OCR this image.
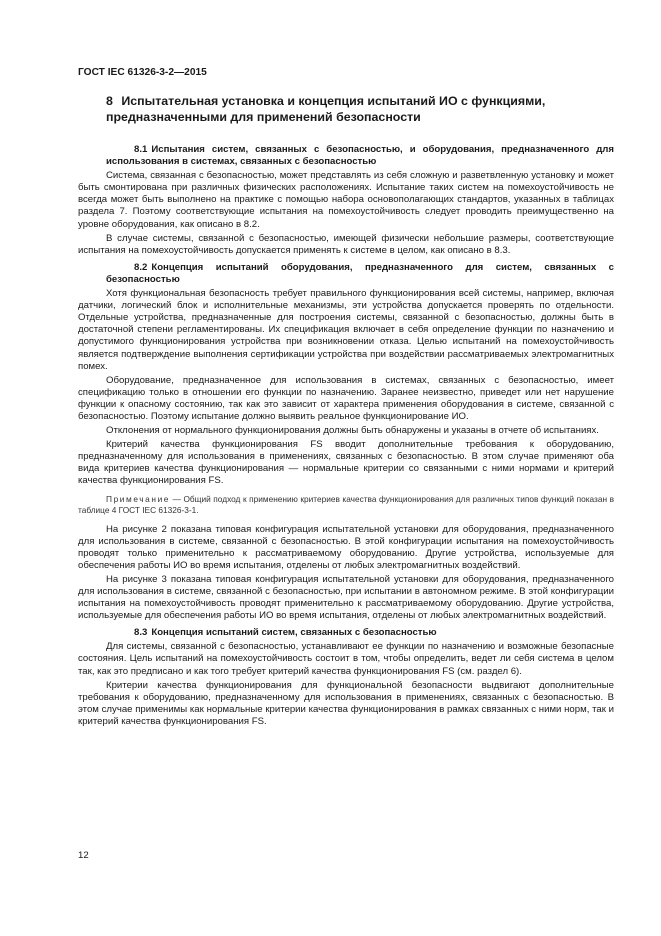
ГОСТ IEC 61326-3-2—2015
8 Испытательная установка и концепция испытаний ИО с функциями, предназначенными для применений безопасности

8.1 Испытания систем, связанных с безопасностью, и оборудования, предназначенного для использования в системах, связанных с безопасностью

Система, связанная с безопасностью, может представлять из себя сложную и разветвленную установку и может быть смонтирована при различных физических расположениях. Испытание таких систем на помехоустойчивость не всегда может быть выполнено на практике с помощью набора основополагающих стандартов, указанных в таблицах раздела 7. Поэтому соответствующие испытания на помехоустойчивость следует проводить преимущественно на уровне оборудования, как описано в 8.2.

В случае системы, связанной с безопасностью, имеющей физически небольшие размеры, соответствующие испытания на помехоустойчивость допускается применять к системе в целом, как описано в 8.3.

8.2 Концепция испытаний оборудования, предназначенного для систем, связанных с безопасностью

Хотя функциональная безопасность требует правильного функционирования всей системы, например, включая датчики, логический блок и исполнительные механизмы, эти устройства допускается проверять по отдельности. Отдельные устройства, предназначенные для построения системы, связанной с безопасностью, должны быть в достаточной степени регламентированы. Их спецификация включает в себя определение функции по назначению и допустимого функционирования устройства при возникновении отказа. Целью испытаний на помехоустойчивость является подтверждение выполнения сертификации устройства при воздействии рассматриваемых электромагнитных помех.

Оборудование, предназначенное для использования в системах, связанных с безопасностью, имеет спецификацию только в отношении его функции по назначению. Заранее неизвестно, приведет или нет нарушение функции к опасному состоянию, так как это зависит от характера применения оборудования в системе, связанной с безопасностью. Поэтому испытание должно выявить реальное функционирование ИО.

Отклонения от нормального функционирования должны быть обнаружены и указаны в отчете об испытаниях.

Критерий качества функционирования FS вводит дополнительные требования к оборудованию, предназначенному для использования в применениях, связанных с безопасностью. В этом случае применяют оба вида критериев качества функционирования — нормальные критерии со связанными с ними нормами и критерий качества функционирования FS.

Примечание — Общий подход к применению критериев качества функционирования для различных типов функций показан в таблице 4 ГОСТ IEC 61326-3-1.

На рисунке 2 показана типовая конфигурация испытательной установки для оборудования, предназначенного для использования в системе, связанной с безопасностью. В этой конфигурации испытания на помехоустойчивость проводят только применительно к рассматриваемому оборудованию. Другие устройства, используемые для обеспечения работы ИО во время испытания, отделены от любых электромагнитных воздействий.

На рисунке 3 показана типовая конфигурация испытательной установки для оборудования, предназначенного для использования в системе, связанной с безопасностью, при испытании в автономном режиме. В этой конфигурации испытания на помехоустойчивость проводят применительно к рассматриваемому оборудованию. Другие устройства, используемые для обеспечения работы ИО во время испытания, отделены от любых электромагнитных воздействий.

8.3 Концепция испытаний систем, связанных с безопасностью

Для системы, связанной с безопасностью, устанавливают ее функции по назначению и возможные безопасные состояния. Цель испытаний на помехоустойчивость состоит в том, чтобы определить, ведет ли себя система в целом так, как это предписано и как того требует критерий качества функционирования FS (см. раздел 6).

Критерии качества функционирования для функциональной безопасности выдвигают дополнительные требования к оборудованию, предназначенному для использования в применениях, связанных с безопасностью. В этом случае применимы как нормальные критерии качества функционирования в рамках связанных с ними норм, так и критерий качества функционирования FS.

12
